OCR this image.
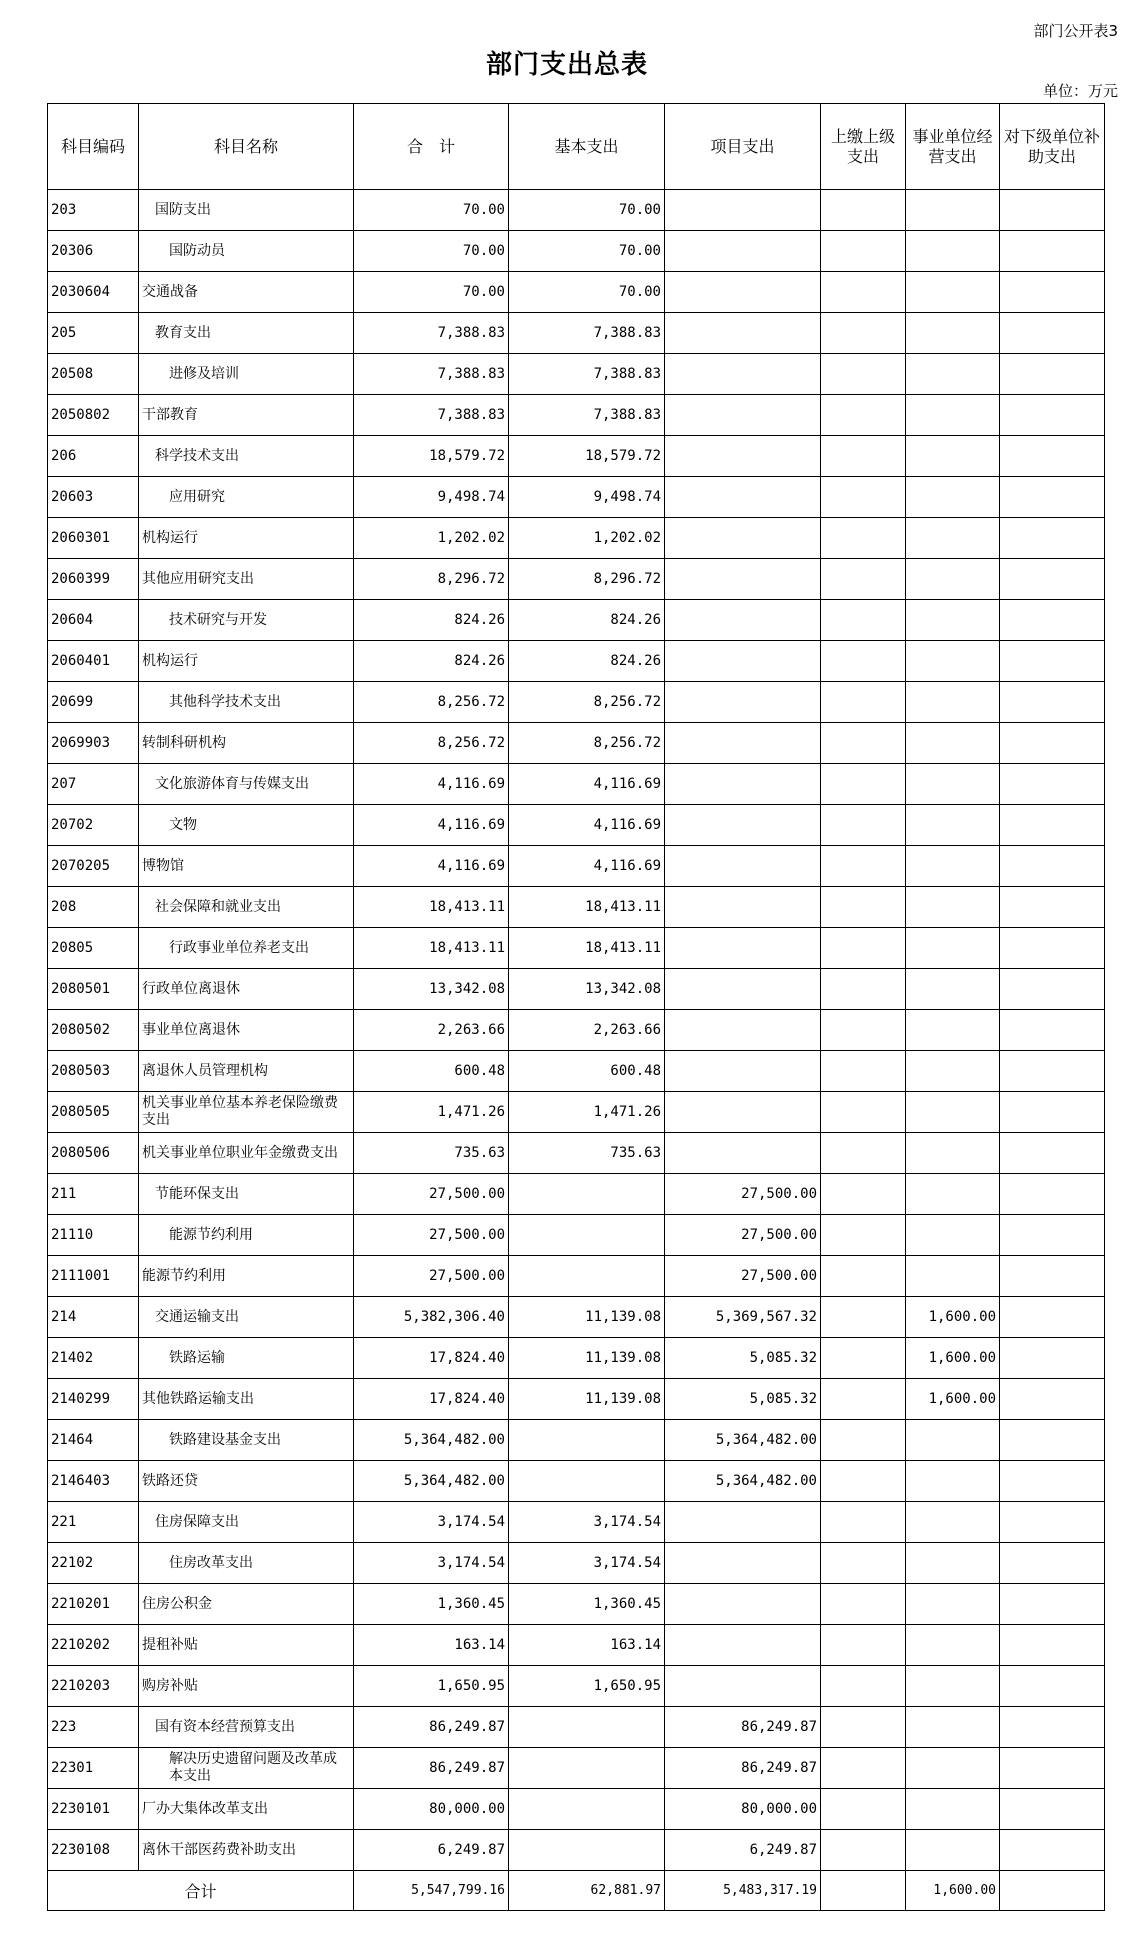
部门公开表3
部门支出总表
单位：万元
科目编码	科目名称	合　计	基本支出	项目支出	上缴上级支出	事业单位经营支出	对下级单位补助支出
203	国防支出	70.00	70.00				
20306	国防动员	70.00	70.00				
2030604	交通战备	70.00	70.00				
205	教育支出	7,388.83	7,388.83				
20508	进修及培训	7,388.83	7,388.83				
2050802	干部教育	7,388.83	7,388.83				
206	科学技术支出	18,579.72	18,579.72				
20603	应用研究	9,498.74	9,498.74				
2060301	机构运行	1,202.02	1,202.02				
2060399	其他应用研究支出	8,296.72	8,296.72				
20604	技术研究与开发	824.26	824.26				
2060401	机构运行	824.26	824.26				
20699	其他科学技术支出	8,256.72	8,256.72				
2069903	转制科研机构	8,256.72	8,256.72				
207	文化旅游体育与传媒支出	4,116.69	4,116.69				
20702	文物	4,116.69	4,116.69				
2070205	博物馆	4,116.69	4,116.69				
208	社会保障和就业支出	18,413.11	18,413.11				
20805	行政事业单位养老支出	18,413.11	18,413.11				
2080501	行政单位离退休	13,342.08	13,342.08				
2080502	事业单位离退休	2,263.66	2,263.66				
2080503	离退休人员管理机构	600.48	600.48				
2080505	机关事业单位基本养老保险缴费支出	1,471.26	1,471.26				
2080506	机关事业单位职业年金缴费支出	735.63	735.63				
211	节能环保支出	27,500.00		27,500.00			
21110	能源节约利用	27,500.00		27,500.00			
2111001	能源节约利用	27,500.00		27,500.00			
214	交通运输支出	5,382,306.40	11,139.08	5,369,567.32		1,600.00	
21402	铁路运输	17,824.40	11,139.08	5,085.32		1,600.00	
2140299	其他铁路运输支出	17,824.40	11,139.08	5,085.32		1,600.00	
21464	铁路建设基金支出	5,364,482.00		5,364,482.00			
2146403	铁路还贷	5,364,482.00		5,364,482.00			
221	住房保障支出	3,174.54	3,174.54				
22102	住房改革支出	3,174.54	3,174.54				
2210201	住房公积金	1,360.45	1,360.45				
2210202	提租补贴	163.14	163.14				
2210203	购房补贴	1,650.95	1,650.95				
223	国有资本经营预算支出	86,249.87		86,249.87			
22301	解决历史遗留问题及改革成本支出	86,249.87		86,249.87			
2230101	厂办大集体改革支出	80,000.00		80,000.00			
2230108	离休干部医药费补助支出	6,249.87		6,249.87			
合计		5,547,799.16	62,881.97	5,483,317.19		1,600.00	
